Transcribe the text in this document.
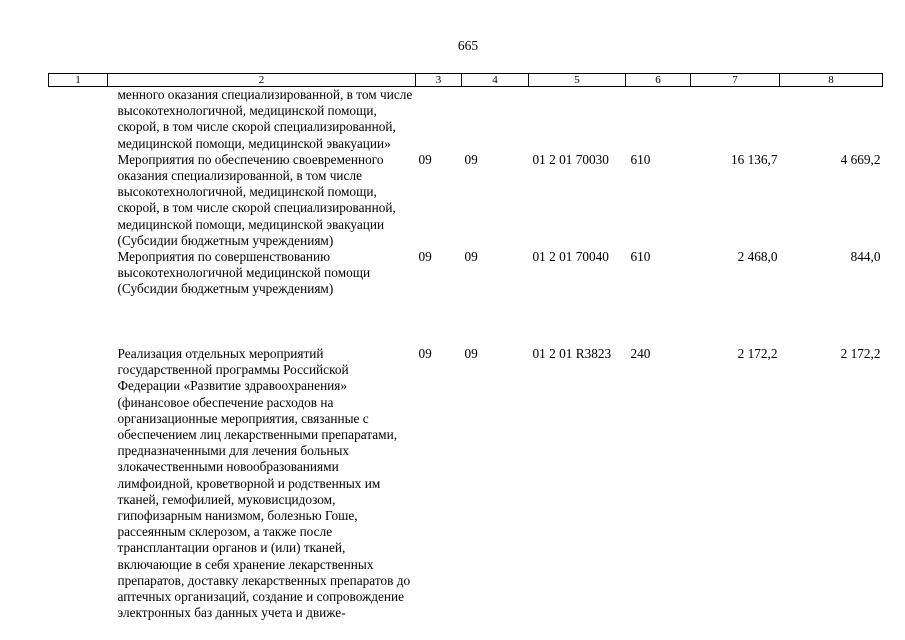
665
1	2	3	4	5	6	7	8
	менного оказания специализированной, в том числе высокотехнологичной, медицинской помощи, скорой, в том числе скорой специализированной, медицинской помощи, медицинской эвакуации»						
	Мероприятия по обеспечению своевременного оказания специализированной, в том числе высокотехнологичной, медицинской помощи, скорой, в том числе скорой специализированной, медицинской помощи, медицинской эвакуации (Субсидии бюджетным учреждениям)	09	09	01 2 01 70030	610	16 136,7	4 669,2
	Мероприятия по совершенствованию высокотехнологичной медицинской помощи (Субсидии бюджетным учреждениям)	09	09	01 2 01 70040	610	2 468,0	844,0
	Реализация отдельных мероприятий государственной программы Российской Федерации «Развитие здравоохранения» (финансовое обеспечение расходов на организационные мероприятия, связанные с обеспечением лиц лекарственными препаратами, предназначенными для лечения больных злокачественными новообразованиями лимфоидной, кроветворной и родственных им тканей, гемофилией, муковисцидозом, гипофизарным нанизмом, болезнью Гоше, рассеянным склерозом, а также после трансплантации органов и (или) тканей, включающие в себя хранение лекарственных препаратов, доставку лекарственных препаратов до аптечных организаций, создание и сопровождение электронных баз данных учета и движе-	09	09	01 2 01 R3823	240	2 172,2	2 172,2
